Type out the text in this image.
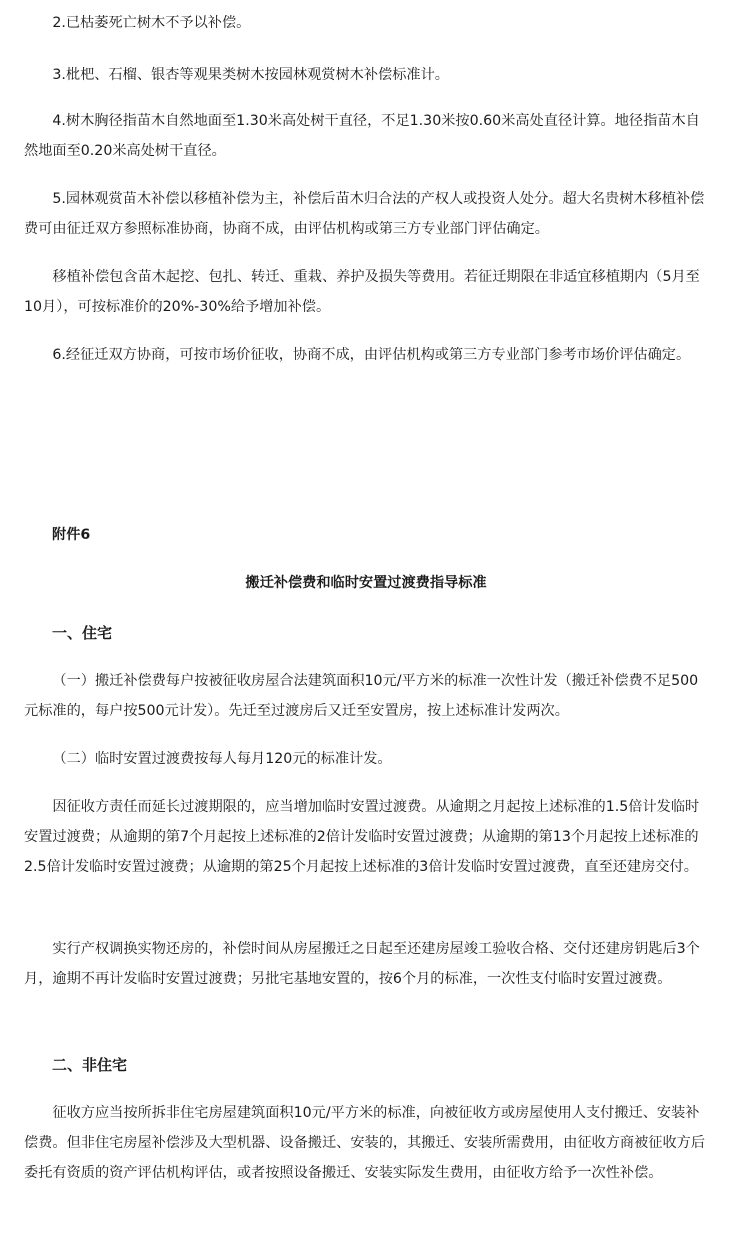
2.已枯萎死亡树木不予以补偿。

3.枇杷、石榴、银杏等观果类树木按园林观赏树木补偿标准计。

4.树木胸径指苗木自然地面至1.30米高处树干直径，不足1.30米按0.60米高处直径计算。地径指苗木自然地面至0.20米高处树干直径。

5.园林观赏苗木补偿以移植补偿为主，补偿后苗木归合法的产权人或投资人处分。超大名贵树木移植补偿费可由征迁双方参照标准协商，协商不成，由评估机构或第三方专业部门评估确定。

移植补偿包含苗木起挖、包扎、转迁、重栽、养护及损失等费用。若征迁期限在非适宜移植期内（5月至10月），可按标准价的20%-30%给予增加补偿。

6.经征迁双方协商，可按市场价征收，协商不成，由评估机构或第三方专业部门参考市场价评估确定。

附件6

搬迁补偿费和临时安置过渡费指导标准

一、住宅

（一）搬迁补偿费每户按被征收房屋合法建筑面积10元/平方米的标准一次性计发（搬迁补偿费不足500元标准的，每户按500元计发）。先迁至过渡房后又迁至安置房，按上述标准计发两次。

（二）临时安置过渡费按每人每月120元的标准计发。

因征收方责任而延长过渡期限的，应当增加临时安置过渡费。从逾期之月起按上述标准的1.5倍计发临时安置过渡费；从逾期的第7个月起按上述标准的2倍计发临时安置过渡费；从逾期的第13个月起按上述标准的2.5倍计发临时安置过渡费；从逾期的第25个月起按上述标准的3倍计发临时安置过渡费，直至还建房交付。

实行产权调换实物还房的，补偿时间从房屋搬迁之日起至还建房屋竣工验收合格、交付还建房钥匙后3个月，逾期不再计发临时安置过渡费；另批宅基地安置的，按6个月的标准，一次性支付临时安置过渡费。

二、非住宅

征收方应当按所拆非住宅房屋建筑面积10元/平方米的标准，向被征收方或房屋使用人支付搬迁、安装补偿费。但非住宅房屋补偿涉及大型机器、设备搬迁、安装的，其搬迁、安装所需费用，由征收方商被征收方后委托有资质的资产评估机构评估，或者按照设备搬迁、安装实际发生费用，由征收方给予一次性补偿。
